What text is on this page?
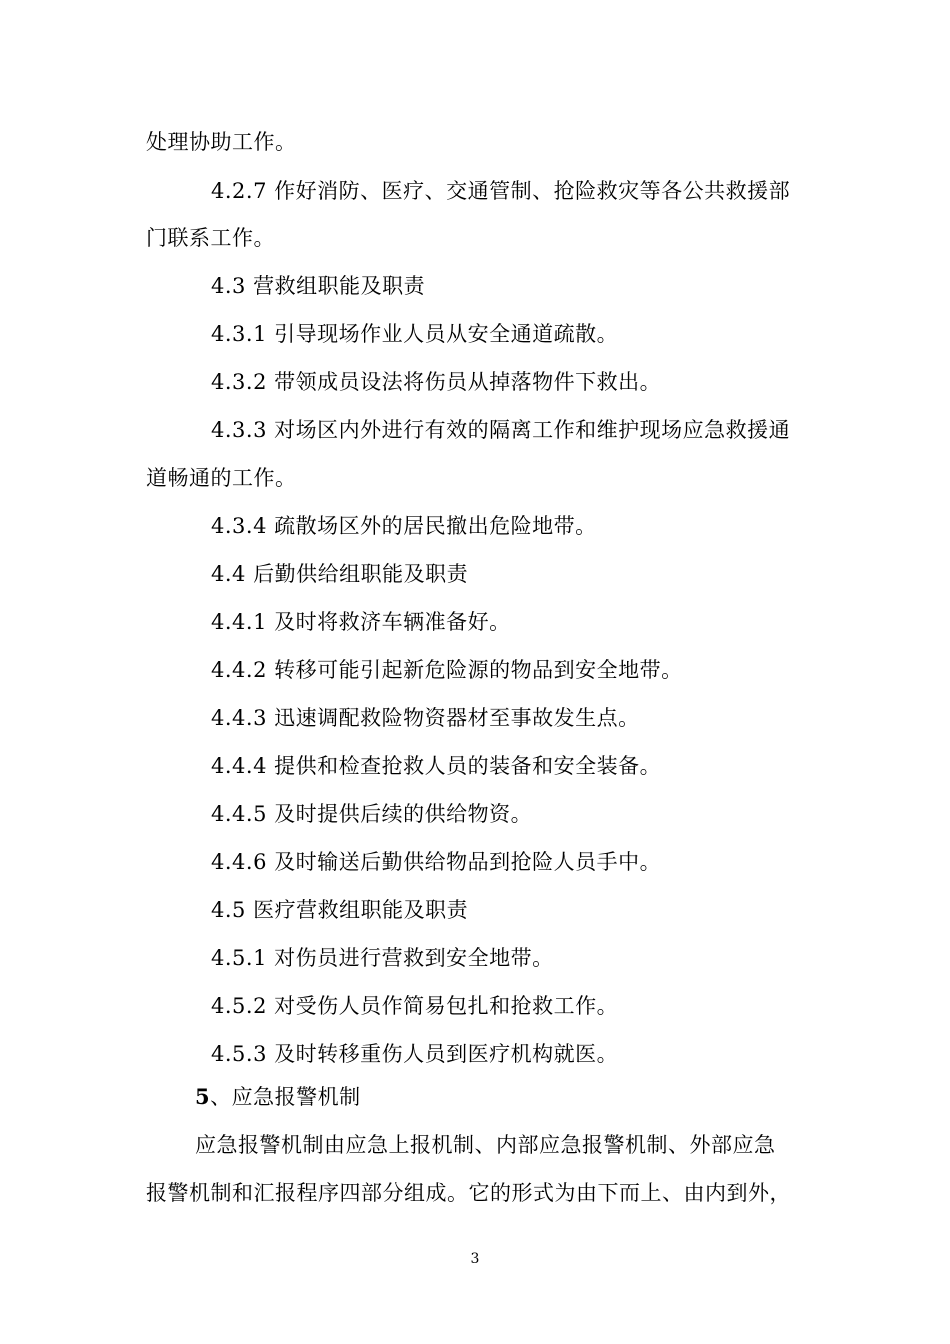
处理协助工作。
4.2.7 作好消防、医疗、交通管制、抢险救灾等各公共救援部
门联系工作。
4.3 营救组职能及职责
4.3.1 引导现场作业人员从安全通道疏散。
4.3.2 带领成员设法将伤员从掉落物件下救出。
4.3.3 对场区内外进行有效的隔离工作和维护现场应急救援通
道畅通的工作。
4.3.4 疏散场区外的居民撤出危险地带。
4.4 后勤供给组职能及职责
4.4.1 及时将救济车辆准备好。
4.4.2 转移可能引起新危险源的物品到安全地带。
4.4.3 迅速调配救险物资器材至事故发生点。
4.4.4 提供和检查抢救人员的装备和安全装备。
4.4.5 及时提供后续的供给物资。
4.4.6 及时输送后勤供给物品到抢险人员手中。
4.5 医疗营救组职能及职责
4.5.1 对伤员进行营救到安全地带。
4.5.2 对受伤人员作简易包扎和抢救工作。
4.5.3 及时转移重伤人员到医疗机构就医。
5、应急报警机制
应急报警机制由应急上报机制、内部应急报警机制、外部应急
报警机制和汇报程序四部分组成。它的形式为由下而上、由内到外，
3
